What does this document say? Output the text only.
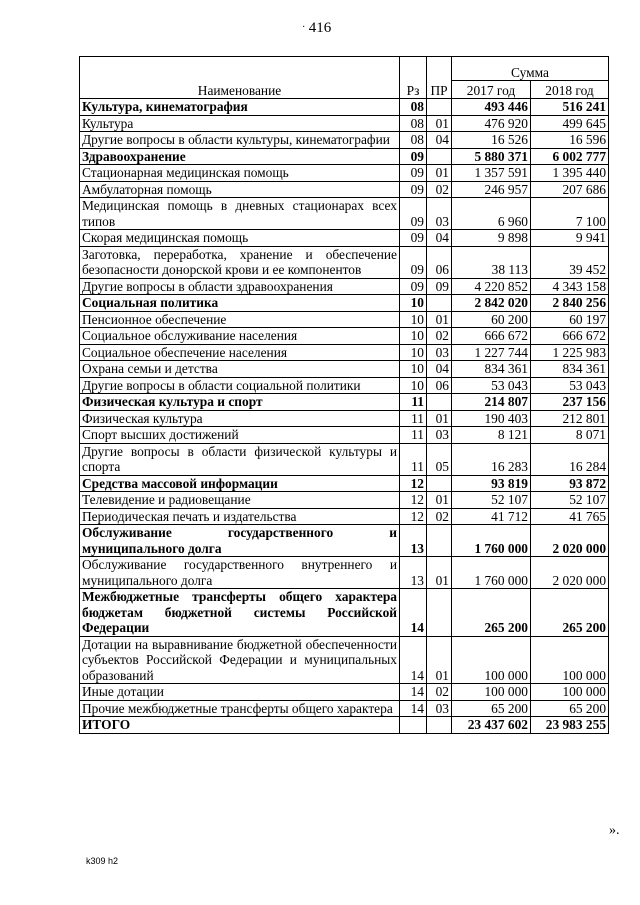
416
·
Наименование	Рз	ПР	Сумма	
			2017 год	2018 год
Культура, кинематография	08		493 446	516 241
Культура	08	01	476 920	499 645
Другие вопросы в области культуры, кинематографии	08	04	16 526	16 596
Здравоохранение	09		5 880 371	6 002 777
Стационарная медицинская помощь	09	01	1 357 591	1 395 440
Амбулаторная помощь	09	02	246 957	207 686
Медицинская помощь в дневных стационарах всех типов	09	03	6 960	7 100
Скорая медицинская помощь	09	04	9 898	9 941
Заготовка, переработка, хранение и обеспечение безопасности донорской крови и ее компонентов	09	06	38 113	39 452
Другие вопросы в области здравоохранения	09	09	4 220 852	4 343 158
Социальная политика	10		2 842 020	2 840 256
Пенсионное обеспечение	10	01	60 200	60 197
Социальное обслуживание населения	10	02	666 672	666 672
Социальное обеспечение населения	10	03	1 227 744	1 225 983
Охрана семьи и детства	10	04	834 361	834 361
Другие вопросы в области социальной политики	10	06	53 043	53 043
Физическая культура и спорт	11		214 807	237 156
Физическая культура	11	01	190 403	212 801
Спорт высших достижений	11	03	8 121	8 071
Другие вопросы в области физической культуры и спорта	11	05	16 283	16 284
Средства массовой информации	12		93 819	93 872
Телевидение и радиовещание	12	01	52 107	52 107
Периодическая печать и издательства	12	02	41 712	41 765
Обслуживание государственного и муниципального долга	13		1 760 000	2 020 000
Обслуживание государственного внутреннего и муниципального долга	13	01	1 760 000	2 020 000
Межбюджетные трансферты общего характера бюджетам бюджетной системы Российской Федерации	14		265 200	265 200
Дотации на выравнивание бюджетной обеспеченности субъектов Российской Федерации и муниципальных образований	14	01	100 000	100 000
Иные дотации	14	02	100 000	100 000
Прочие межбюджетные трансферты общего характера	14	03	65 200	65 200
ИТОГО			23 437 602	23 983 255
».
k309 h2
